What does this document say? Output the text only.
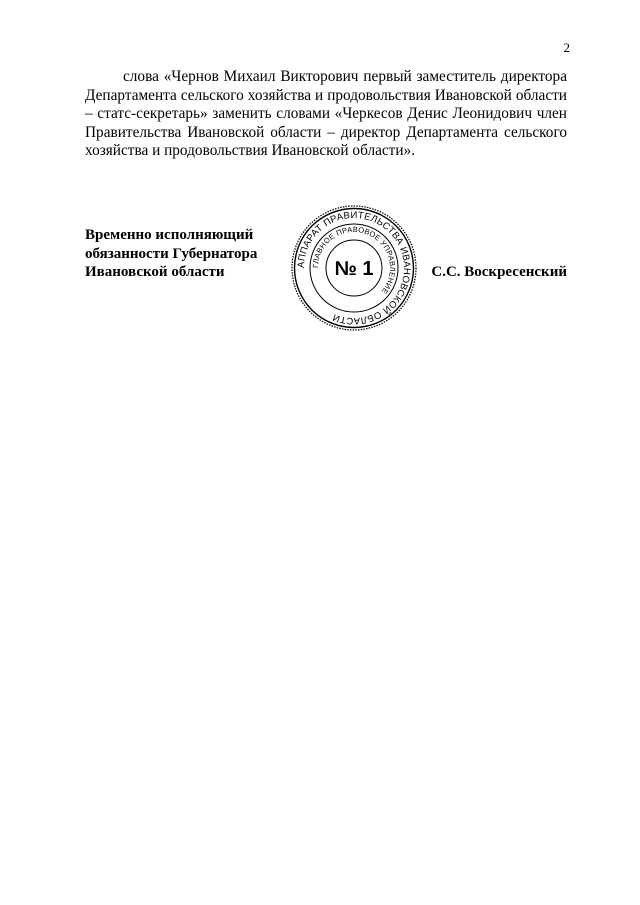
2

слова «Чернов Михаил Викторович первый заместитель директора Департамента сельского хозяйства и продовольствия Ивановской области – статс-секретарь» заменить словами «Черкесов Денис Леонидович член Правительства Ивановской области – директор Департамента сельского хозяйства и продовольствия Ивановской области».

Временно исполняющий
обязанности Губернатора
Ивановской области	АППАРАТ ПРАВИТЕЛЬСТВА ИВАНОВСКОЙ ОБЛАСТИ
ГЛАВНОЕ ПРАВОВОЕ УПРАВЛЕНИЕ
№ 1	С.С. Воскресенский
